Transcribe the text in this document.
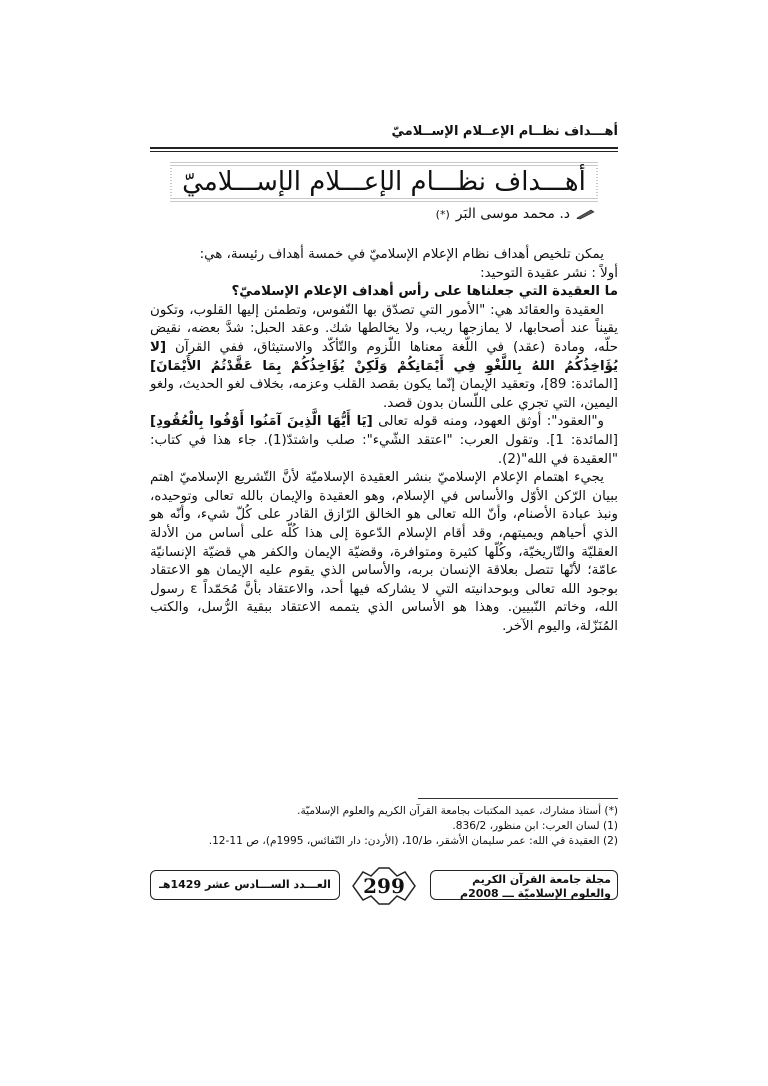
أهـــداف نظــام الإعــلام الإســلاميّ
أهـــداف نظـــام الإعـــلام الإســـلاميّ
د. محمد موسى البَر
(*)

يمكن تلخيص أهداف نظام الإعلام الإسلاميّ في خمسة أهداف رئيسة، هي:

أولاً : نشر عقيدة التوحيد:

ما العقيدة التي جعلناها على رأس أهداف الإعلام الإسلاميّ؟

العقيدة والعقائد هي: "الأمور التي تصدّق بها النّفوس، وتطمئن إليها القلوب، وتكون يقيناً عند أصحابها، لا يمازجها ريب، ولا يخالطها شك. وعقد الحبل: شدَّ بعضه، نقيض حلّه، ومادة (عقد) في اللّغة معناها اللّزوم والتّأكّد والاستيثاق، ففي القرآن [لا يُؤَاخِذُكُمُ اللهُ بِاللَّغْوِ فِي أَيْمَانِكُمْ وَلَكِنْ يُؤَاخِذُكُمْ بِمَا عَقَّدْتُمُ الأَيْمَانَ] [المائدة: 89]، وتعقيد الإيمان إنّما يكون بقصد القلب وعزمه، بخلاف لغو الحديث، ولغو اليمين، التي تجري على اللّسان بدون قصد.

و"العقود": أوثق العهود، ومنه قوله تعالى [يَا أَيُّهَا الَّذِينَ آمَنُوا أَوْفُوا بِالْعُقُودِ] [المائدة: 1]. وتقول العرب: "اعتقد الشّيء": صلب واشتدّ(1). جاء هذا في كتاب: "العقيدة في الله"(2).

يجيء اهتمام الإعلام الإسلاميّ بنشر العقيدة الإسلاميّة لأنَّ التّشريع الإسلاميّ اهتم ببيان الرّكن الأوّل والأساس في الإسلام، وهو العقيدة والإيمان بالله تعالى وتوحيده، ونبذ عبادة الأصنام، وأنّ الله تعالى هو الخالق الرّازق القادر على كُلّ شيء، وأنّه هو الذي أحياهم ويميتهم، وقد أقام الإسلام الدّعوة إلى هذا كُلّه على أساس من الأدلة العقليّة والتّاريخيّة، وكُلّها كثيرة ومتوافرة، وقضيّة الإيمان والكفر هي قضيّة الإنسانيّة عامّة؛ لأنّها تتصل بعلاقة الإنسان بربه، والأساس الذي يقوم عليه الإيمان هو الاعتقاد بوجود الله تعالى وبوحدانيته التي لا يشاركه فيها أحد، والاعتقاد بأنَّ مُحَمّداً ε رسول الله، وخاتم النّبيين. وهذا هو الأساس الذي يتممه الاعتقاد ببقية الرُّسل، والكتب المُنَزّلة، واليوم الآخر.

(*) أستاذ مشارك، عميد المكتبات بجامعة القرآن الكريم والعلوم الإسلاميّة.
(1) لسان العرب: ابن منظور، 836/2.
(2) العقيدة في الله: عمر سليمان الأشقر، ط/10، (الأردن: دار النّفائس، 1995م)، ص 11-12.
مجلة جامعة القرآن الكريم والعلوم الإسلاميّة ـــ 2008م
299
العـــدد الســـادس عشر 1429هـ
